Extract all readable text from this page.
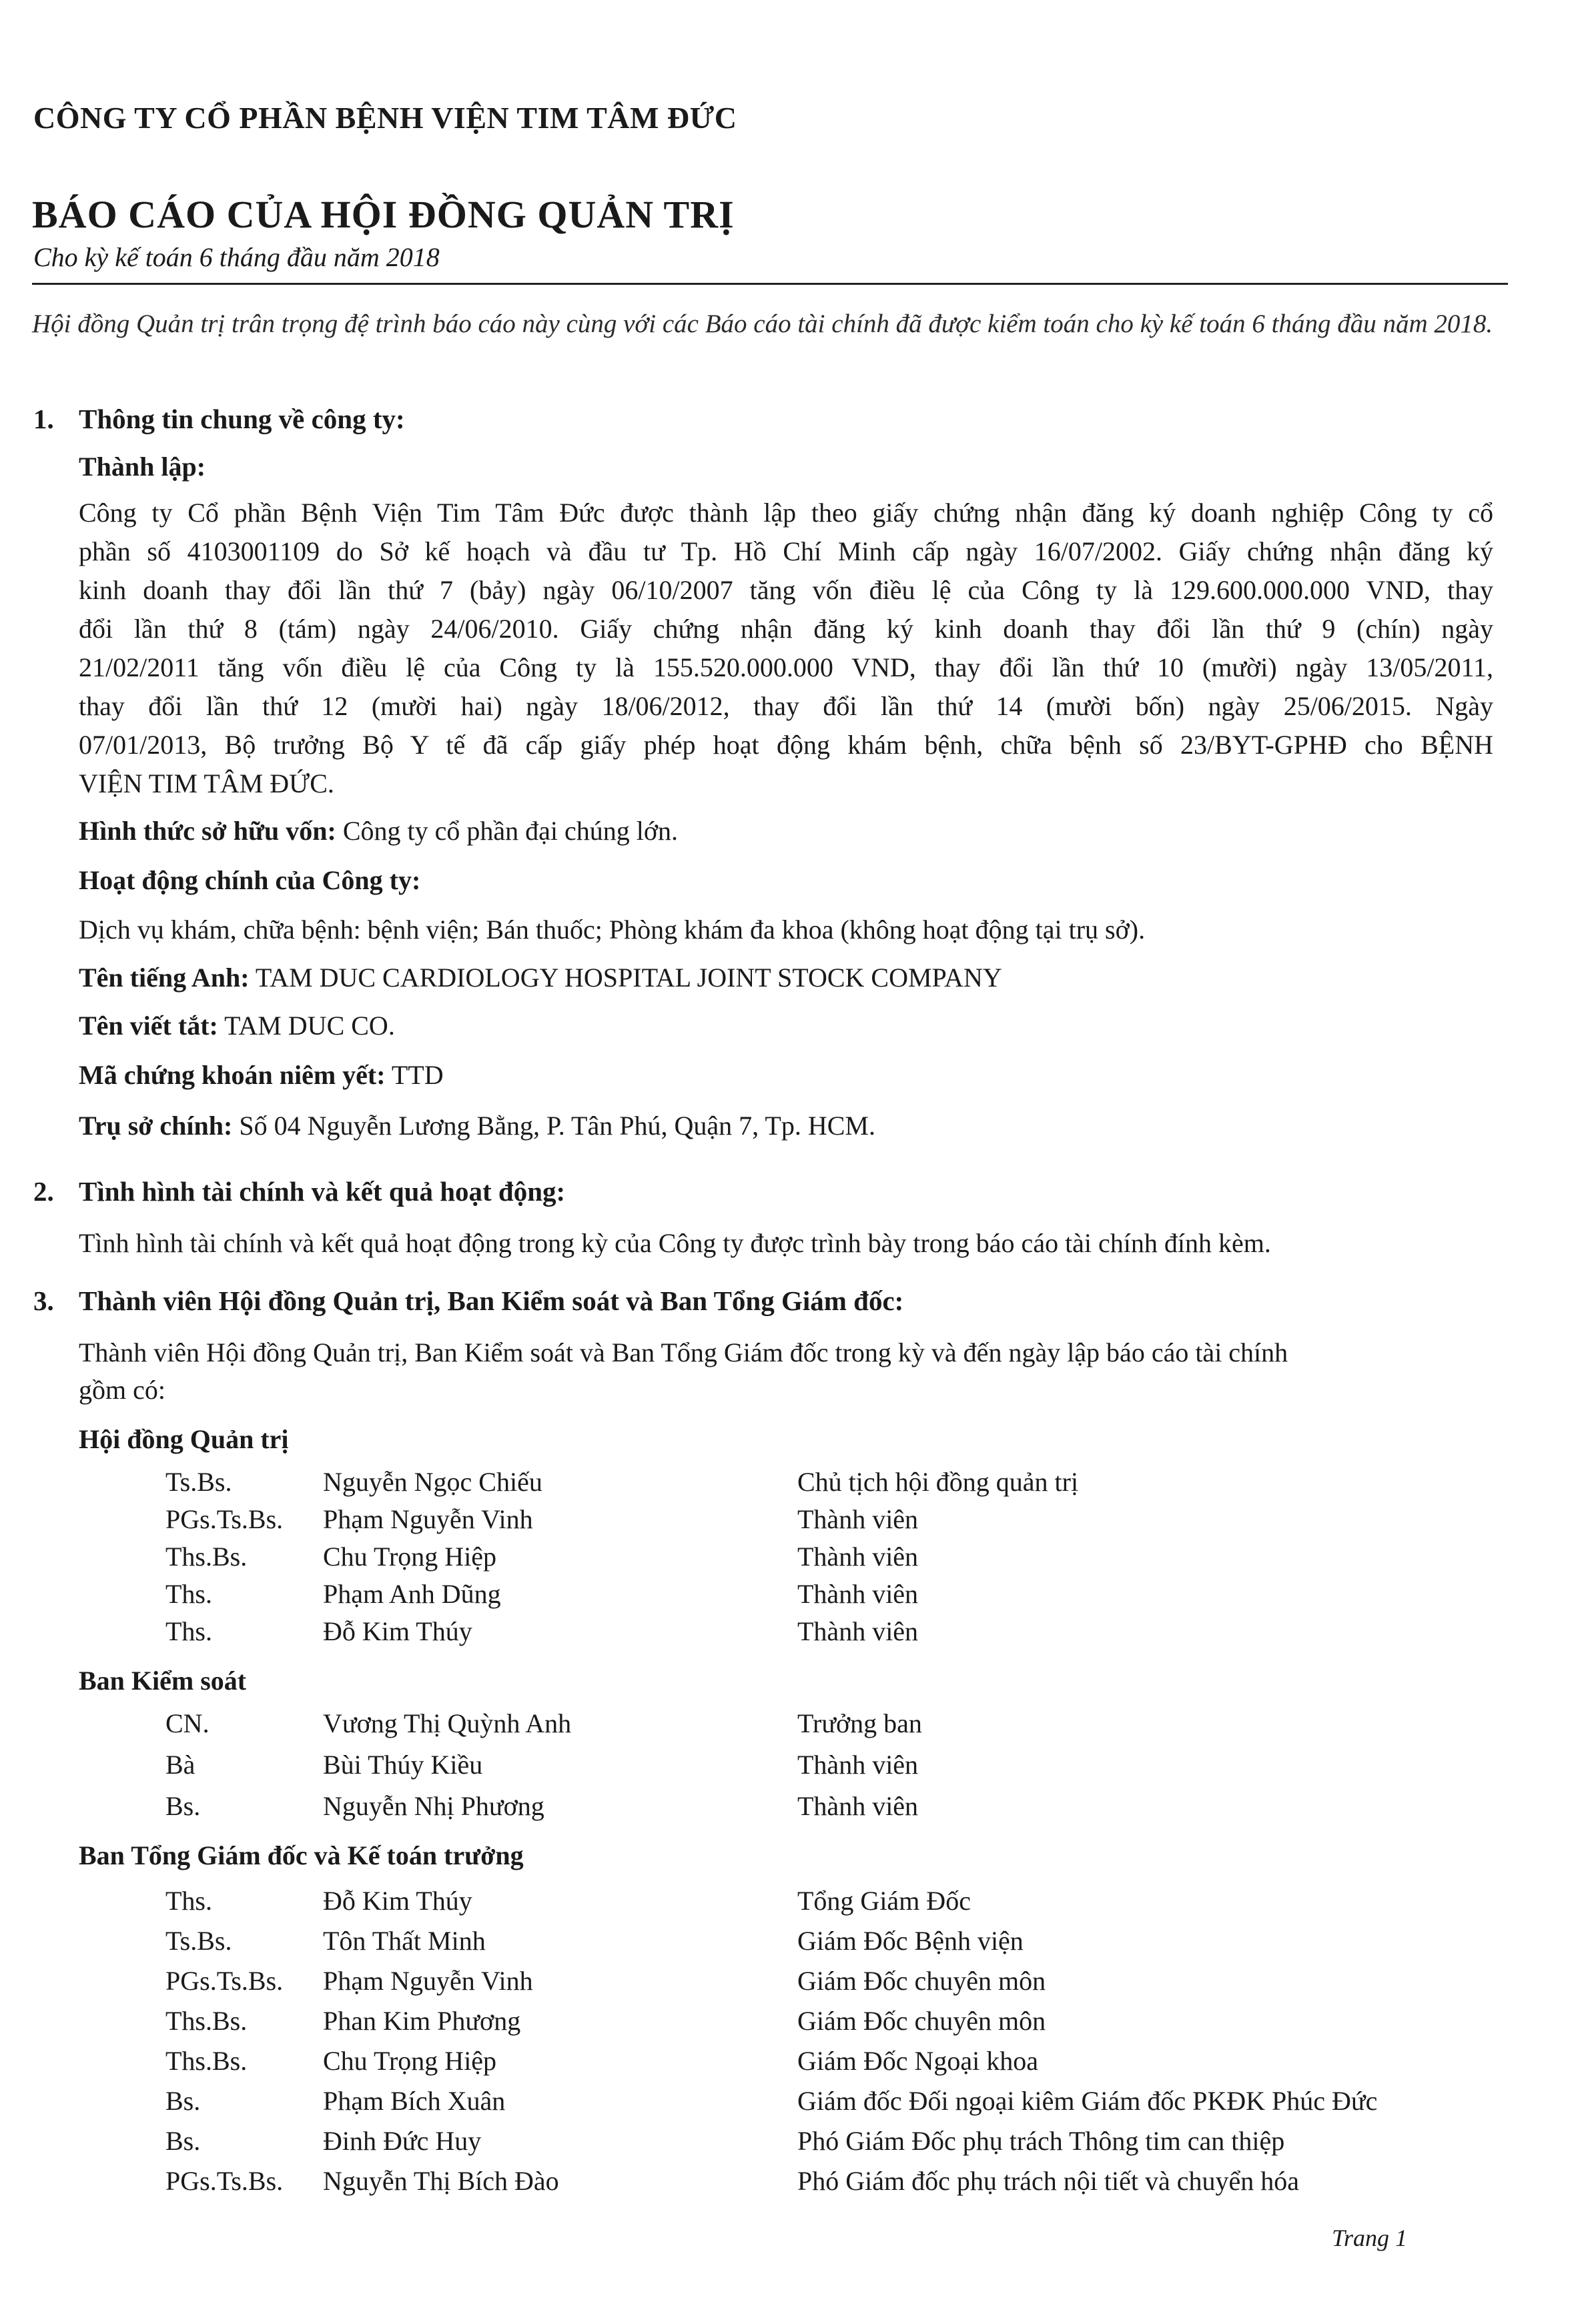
CÔNG TY CỔ PHẦN BỆNH VIỆN TIM TÂM ĐỨC
BÁO CÁO CỦA HỘI ĐỒNG QUẢN TRỊ
Cho kỳ kế toán 6 tháng đầu năm 2018
Hội đồng Quản trị trân trọng đệ trình báo cáo này cùng với các Báo cáo tài chính đã được kiểm toán cho kỳ kế toán 6 tháng đầu năm 2018.
1. Thông tin chung về công ty:
Thành lập:
Công ty Cổ phần Bệnh Viện Tim Tâm Đức được thành lập theo giấy chứng nhận đăng ký doanh nghiệp Công ty cổ
phần số 4103001109 do Sở kế hoạch và đầu tư Tp. Hồ Chí Minh cấp ngày 16/07/2002. Giấy chứng nhận đăng ký
kinh doanh thay đổi lần thứ 7 (bảy) ngày 06/10/2007 tăng vốn điều lệ của Công ty là 129.600.000.000 VND, thay
đổi lần thứ 8 (tám) ngày 24/06/2010. Giấy chứng nhận đăng ký kinh doanh thay đổi lần thứ 9 (chín) ngày
21/02/2011 tăng vốn điều lệ của Công ty là 155.520.000.000 VND, thay đổi lần thứ 10 (mười) ngày 13/05/2011,
thay đổi lần thứ 12 (mười hai) ngày 18/06/2012, thay đổi lần thứ 14 (mười bốn) ngày 25/06/2015. Ngày
07/01/2013, Bộ trưởng Bộ Y tế đã cấp giấy phép hoạt động khám bệnh, chữa bệnh số 23/BYT-GPHĐ cho BỆNH
VIỆN TIM TÂM ĐỨC.
Hình thức sở hữu vốn: Công ty cổ phần đại chúng lớn.
Hoạt động chính của Công ty:
Dịch vụ khám, chữa bệnh: bệnh viện; Bán thuốc; Phòng khám đa khoa (không hoạt động tại trụ sở).
Tên tiếng Anh: TAM DUC CARDIOLOGY HOSPITAL JOINT STOCK COMPANY
Tên viết tắt: TAM DUC CO.
Mã chứng khoán niêm yết: TTD
Trụ sở chính: Số 04 Nguyễn Lương Bằng, P. Tân Phú, Quận 7, Tp. HCM.
2. Tình hình tài chính và kết quả hoạt động:
Tình hình tài chính và kết quả hoạt động trong kỳ của Công ty được trình bày trong báo cáo tài chính đính kèm.
3. Thành viên Hội đồng Quản trị, Ban Kiểm soát và Ban Tổng Giám đốc:
Thành viên Hội đồng Quản trị, Ban Kiểm soát và Ban Tổng Giám đốc trong kỳ và đến ngày lập báo cáo tài chính
gồm có:
Hội đồng Quản trị
Ts.Bs.	Nguyễn Ngọc Chiếu	Chủ tịch hội đồng quản trị
PGs.Ts.Bs. Phạm Nguyễn Vinh	Thành viên
Ths.Bs.	Chu Trọng Hiệp	Thành viên
Ths.	Phạm Anh Dũng	Thành viên
Ths.	Đỗ Kim Thúy	Thành viên
Ban Kiểm soát
CN.	Vương Thị Quỳnh Anh	Trưởng ban
Bà	Bùi Thúy Kiều	Thành viên
Bs.	Nguyễn Nhị Phương	Thành viên
Ban Tổng Giám đốc và Kế toán trưởng
Ths.	Đỗ Kim Thúy	Tổng Giám Đốc
Ts.Bs.	Tôn Thất Minh	Giám Đốc Bệnh viện
PGs.Ts.Bs. Phạm Nguyễn Vinh	Giám Đốc chuyên môn
Ths.Bs.	Phan Kim Phương	Giám Đốc chuyên môn
Ths.Bs.	Chu Trọng Hiệp	Giám Đốc Ngoại khoa
Bs.	Phạm Bích Xuân	Giám đốc Đối ngoại kiêm Giám đốc PKĐK Phúc Đức
Bs.	Đinh Đức Huy	Phó Giám Đốc phụ trách Thông tim can thiệp
PGs.Ts.Bs. Nguyễn Thị Bích Đào	Phó Giám đốc phụ trách nội tiết và chuyển hóa
Trang 1
